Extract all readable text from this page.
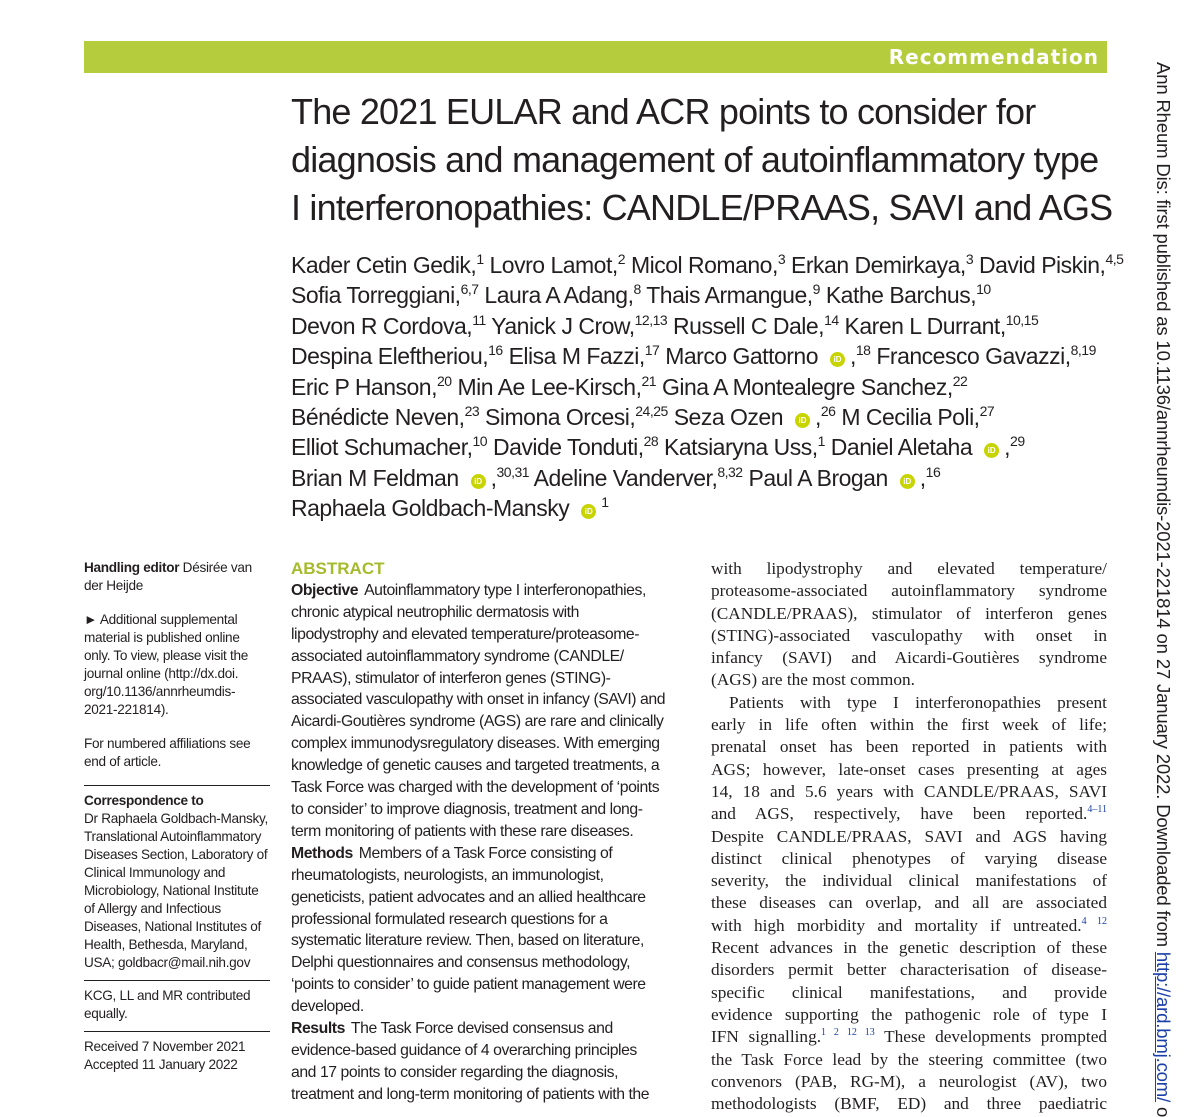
Recommendation
The 2021 EULAR and ACR points to consider for
diagnosis and management of autoinflammatory type
I interferonopathies: CANDLE/PRAAS, SAVI and AGS
Kader Cetin Gedik,$^1$ Lovro Lamot,$^2$ Micol Romano,$^3$ Erkan Demirkaya,$^3$ David Piskin,$^{4,5}$
Sofia Torreggiani,$^{6,7}$ Laura A Adang,$^8$ Thais Armangue,$^9$ Kathe Barchus,$^{10}$
Devon R Cordova,$^{11}$ Yanick J Crow,$^{12,13}$ Russell C Dale,$^{14}$ Karen L Durrant,$^{10,15}$
Despina Eleftheriou,$^{16}$ Elisa M Fazzi,$^{17}$ Marco Gattorno iD ,$^{18}$ Francesco Gavazzi,$^{8,19}$
Eric P Hanson,$^{20}$ Min Ae Lee-Kirsch,$^{21}$ Gina A Montealegre Sanchez,$^{22}$
Bénédicte Neven,$^{23}$ Simona Orcesi,$^{24,25}$ Seza Ozen iD ,$^{26}$ M Cecilia Poli,$^{27}$
Elliot Schumacher,$^{10}$ Davide Tonduti,$^{28}$ Katsiaryna Uss,$^1$ Daniel Aletaha iD ,$^{29}$
Brian M Feldman iD ,$^{30,31}$ Adeline Vanderver,$^{8,32}$ Paul A Brogan iD ,$^{16}$
Raphaela Goldbach-Mansky $iD^1$
Handling editor Désirée van
der Heijde
► Additional supplemental
material is published online
only. To view, please visit the
journal online (http://dx.doi.
org/10.1136/annrheumdis-
2021-221814).
For numbered affiliations see
end of article.
Correspondence to
Dr Raphaela Goldbach-Mansky,
Translational Autoinflammatory
Diseases Section, Laboratory of
Clinical Immunology and
Microbiology, National Institute
of Allergy and Infectious
Diseases, National Institutes of
Health, Bethesda, Maryland,
USA; goldbacr@mail.nih.gov
KCG, LL and MR contributed
equally.
Received 7 November 2021
Accepted 11 January 2022
ABSTRACT
Objective Autoinflammatory type I interferonopathies,
chronic atypical neutrophilic dermatosis with
lipodystrophy and elevated temperature/proteasome-
associated autoinflammatory syndrome (CANDLE/
PRAAS), stimulator of interferon genes (STING)-
associated vasculopathy with onset in infancy (SAVI) and
Aicardi-Goutières syndrome (AGS) are rare and clinically
complex immunodysregulatory diseases. With emerging
knowledge of genetic causes and targeted treatments, a
Task Force was charged with the development of ‘points
to consider’ to improve diagnosis, treatment and long-
term monitoring of patients with these rare diseases.
Methods Members of a Task Force consisting of
rheumatologists, neurologists, an immunologist,
geneticists, patient advocates and an allied healthcare
professional formulated research questions for a
systematic literature review. Then, based on literature,
Delphi questionnaires and consensus methodology,
‘points to consider’ to guide patient management were
developed.
Results The Task Force devised consensus and
evidence-based guidance of 4 overarching principles
and 17 points to consider regarding the diagnosis,
treatment and long-term monitoring of patients with the
with lipodystrophy and elevated temperature/
proteasome-associated autoinflammatory syndrome
(CANDLE/PRAAS), stimulator of interferon genes
(STING)-associated vasculopathy with onset in
infancy (SAVI) and Aicardi-Goutières syndrome
(AGS) are the most common.
Patients with type I interferonopathies present
early in life often within the first week of life;
prenatal onset has been reported in patients with
AGS; however, late-onset cases presenting at ages
14, 18 and 5.6 years with CANDLE/PRAAS, SAVI
and AGS, respectively, have been reported.$^{4-11}$
Despite CANDLE/PRAAS, SAVI and AGS having
distinct clinical phenotypes of varying disease
severity, the individual clinical manifestations of
these diseases can overlap, and all are associated
with high morbidity and mortality if untreated.$^{4 12}$
Recent advances in the genetic description of these
disorders permit better characterisation of disease-
specific clinical manifestations, and provide
evidence supporting the pathogenic role of type I
IFN signalling.$^{1 2 12 13}$ These developments prompted
the Task Force lead by the steering committee (two
convenors (PAB, RG-M), a neurologist (AV), two
methodologists (BMF, ED) and three paediatric
Ann Rheum Dis: first published as 10.1136/annrheumdis-2021-221814 on 27 January 2022. Downloaded from http://ard.bmj.com/ o
